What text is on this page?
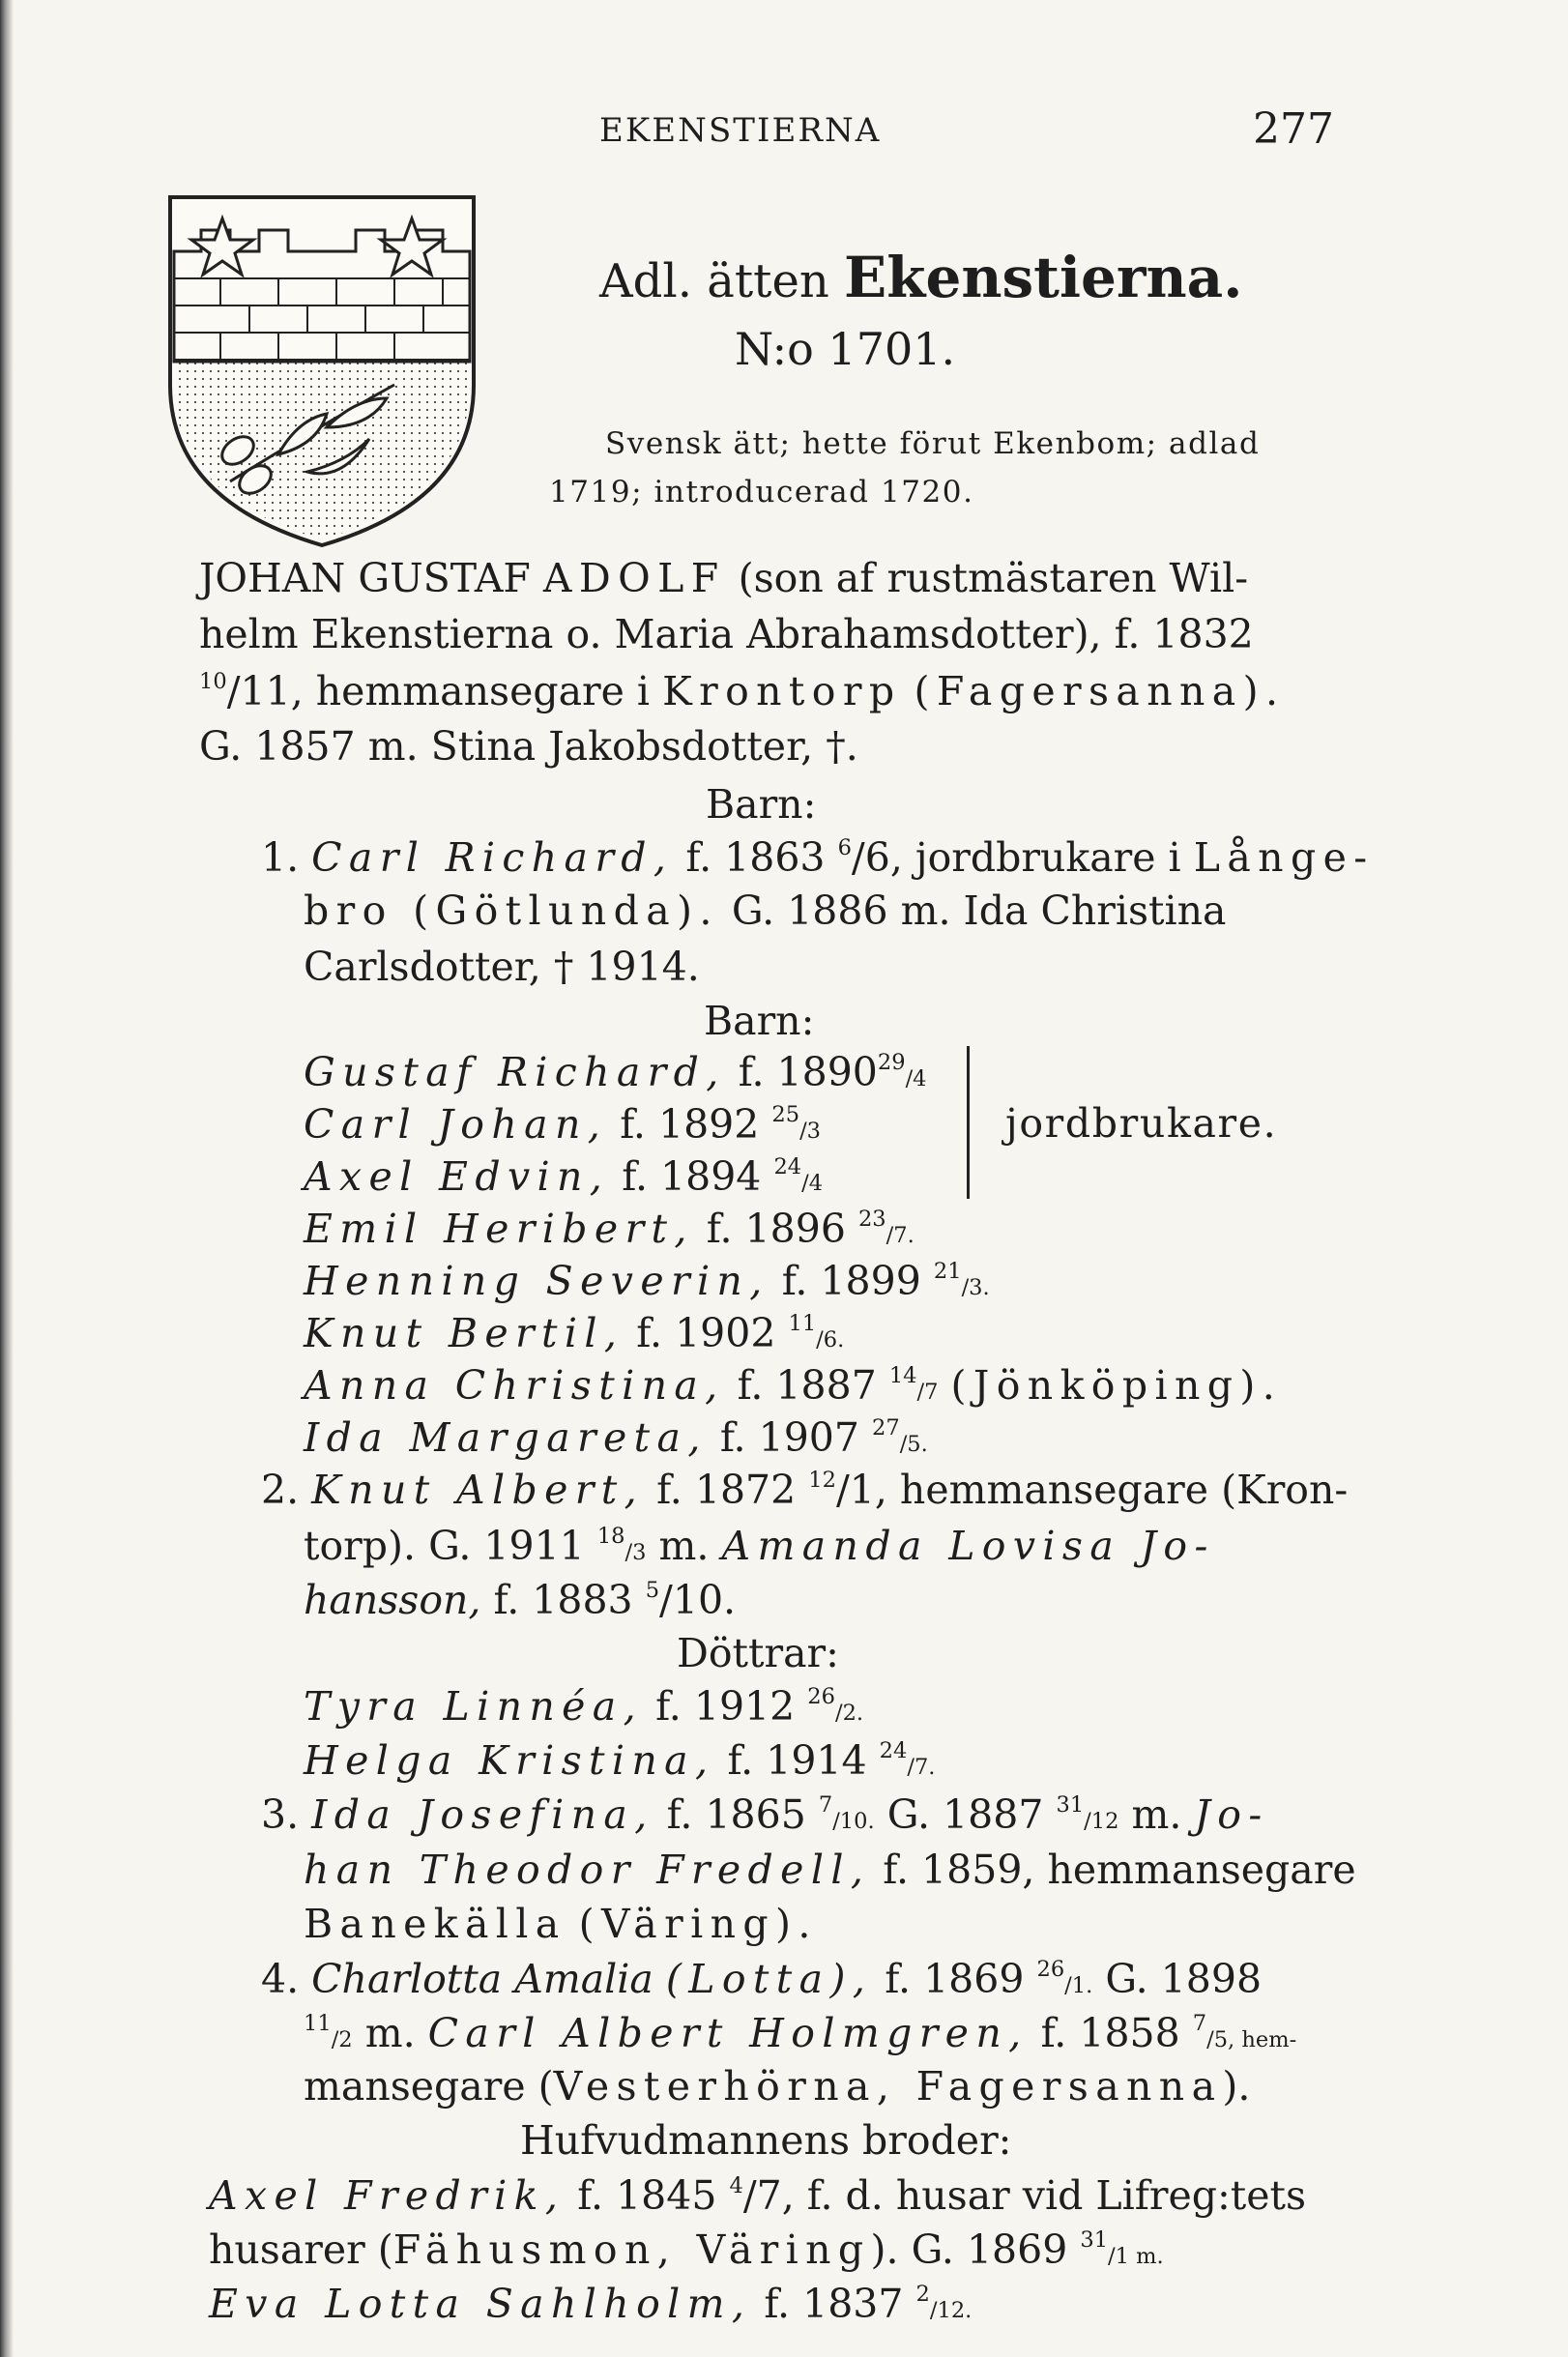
EKENSTIERNA	277
Adl. ätten Ekenstierna.
N:o 1701.
Svensk ätt; hette förut Ekenbom; adlad
1719; introducerad 1720.
JOHAN GUSTAF ADOLF (son af rustmästaren Wil-
helm Ekenstierna o. Maria Abrahamsdotter), f. 1832
$^{10}$/11, hemmansegare i Krontorp (Fagersanna).
G. 1857 m. Stina Jakobsdotter, †.
Barn:
1. Carl Richard, f. 1863 $^6$/6, jordbrukare i Långe-
bro (Götlunda). G. 1886 m. Ida Christina
Carlsdotter, † 1914.
Barn:
Gustaf Richard, f. 1890$^{29}$/4
Carl Johan, f. 1892 $^{25}$/3
Axel Edvin, f. 1894 $^{24}$/4
jordbrukare.
Emil Heribert, f. 1896 $^{23}$/7.
Henning Severin, f. 1899 $^{21}$/3.
Knut Bertil, f. 1902 $^{11}$/6.
Anna Christina, f. 1887 $^{14}$/7 (Jönköping).
Ida Margareta, f. 1907 $^{27}$/5.
2. Knut Albert, f. 1872 $^{12}$/1, hemmansegare (Kron-
torp). G. 1911 $^{18}$/3 m. Amanda Lovisa Jo-
hansson, f. 1883 $^5$/10.
Döttrar:
Tyra Linnéa, f. 1912 $^{26}$/2.
Helga Kristina, f. 1914 $^{24}$/7.
3. Ida Josefina, f. 1865 $^7$/10. G. 1887 $^{31}$/12 m. Jo-
han Theodor Fredell, f. 1859, hemmansegare
Banekälla (Väring).
4. Charlotta Amalia (Lotta), f. 1869 $^{26}$/1. G. 1898
$^{11}$/2 m. Carl Albert Holmgren, f. 1858 $^7$/5, hem-
mansegare (Vesterhörna, Fagersanna).
Hufvudmannens broder:
Axel Fredrik, f. 1845 $^4$/7, f. d. husar vid Lifreg:tets
husarer (Fähusmon, Väring). G. 1869 $^{31}$/1 m.
Eva Lotta Sahlholm, f. 1837 $^2$/12.
